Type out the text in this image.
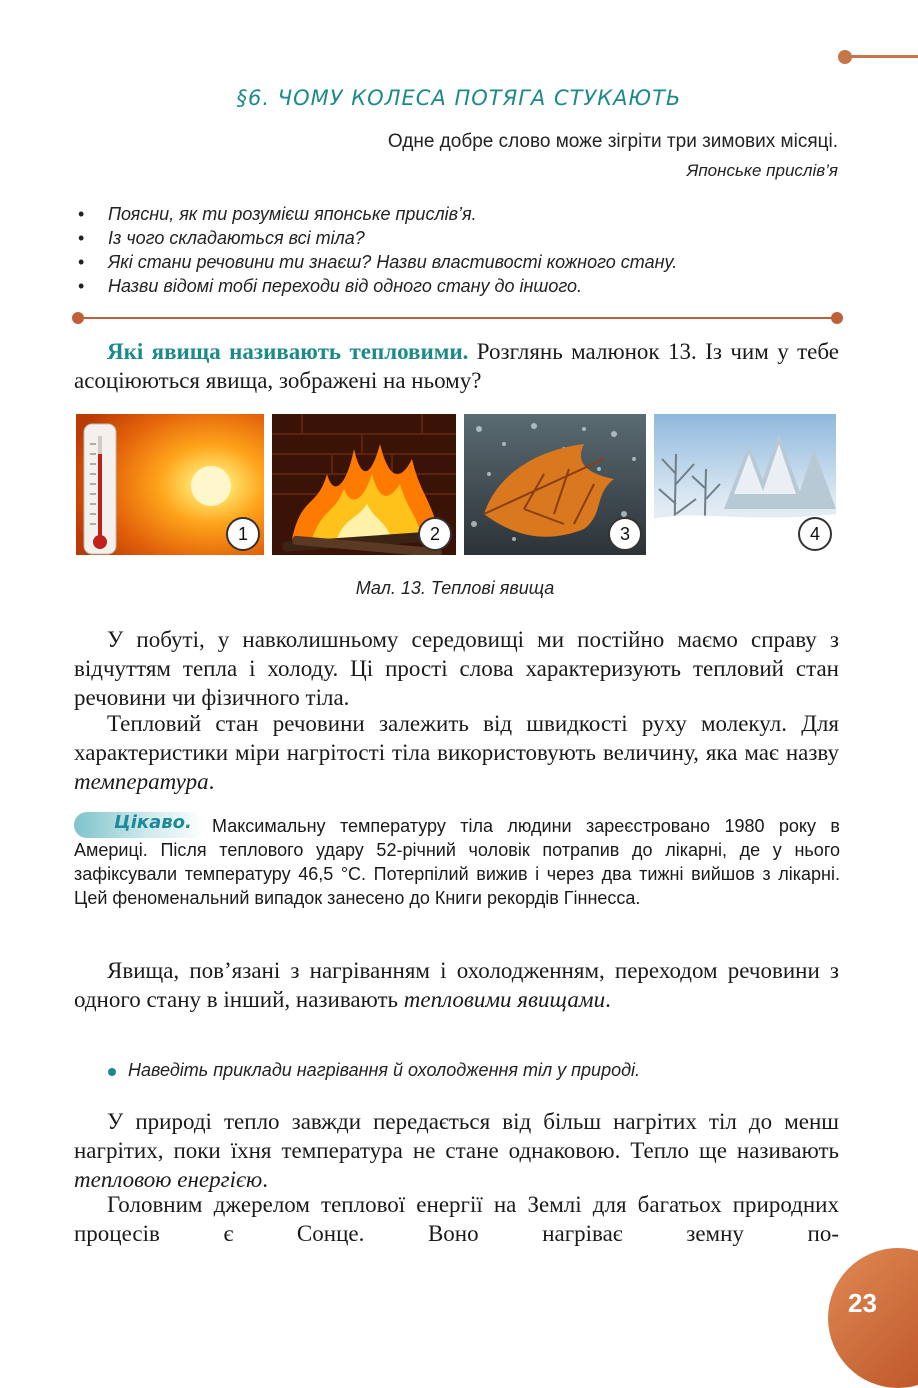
§6. ЧОМУ КОЛЕСА ПОТЯГА СТУКАЮТЬ
Одне добре слово може зігріти три зимових місяці.
Японське прислів’я
• Поясни, як ти розумієш японське прислів’я.
• Із чого складаються всі тіла?
• Які стани речовини ти знаєш? Назви властивості кожного стану.
• Назви відомі тобі переходи від одного стану до іншого.
Які явища називають тепловими. Розглянь малюнок 13. Із чим у тебе асоціюються явища, зображені на ньому?
1	2	3	4
Мал. 13. Теплові явища
У побуті, у навколишньому середовищі ми постійно маємо справу з відчуттям тепла і холоду. Ці прості слова характеризують тепловий стан речовини чи фізичного тіла.
Тепловий стан речовини залежить від швидкості руху молекул. Для характеристики міри нагрітості тіла використовують величину, яка має назву температура.
Цікаво.	Максимальну температуру тіла людини зареєстровано 1980 року в Америці. Після теплового удару 52-річний чоловік потрапив до лікарні, де у нього зафіксували температуру 46,5 °С. Потерпілий вижив і через два тижні вийшов з лікарні. Цей феноменальний випадок занесено до Книги рекордів Гіннесса.
Явища, пов’язані з нагріванням і охолодженням, переходом речовини з одного стану в інший, називають тепловими явищами.
Наведіть приклади нагрівання й охолодження тіл у природі.
У природі тепло завжди передається від більш нагрітих тіл до менш нагрітих, поки їхня температура не стане однаковою. Тепло ще називають тепловою енергією.
Головним джерелом теплової енергії на Землі для багатьох природних процесів є Сонце. Воно нагріває земну по-
23
